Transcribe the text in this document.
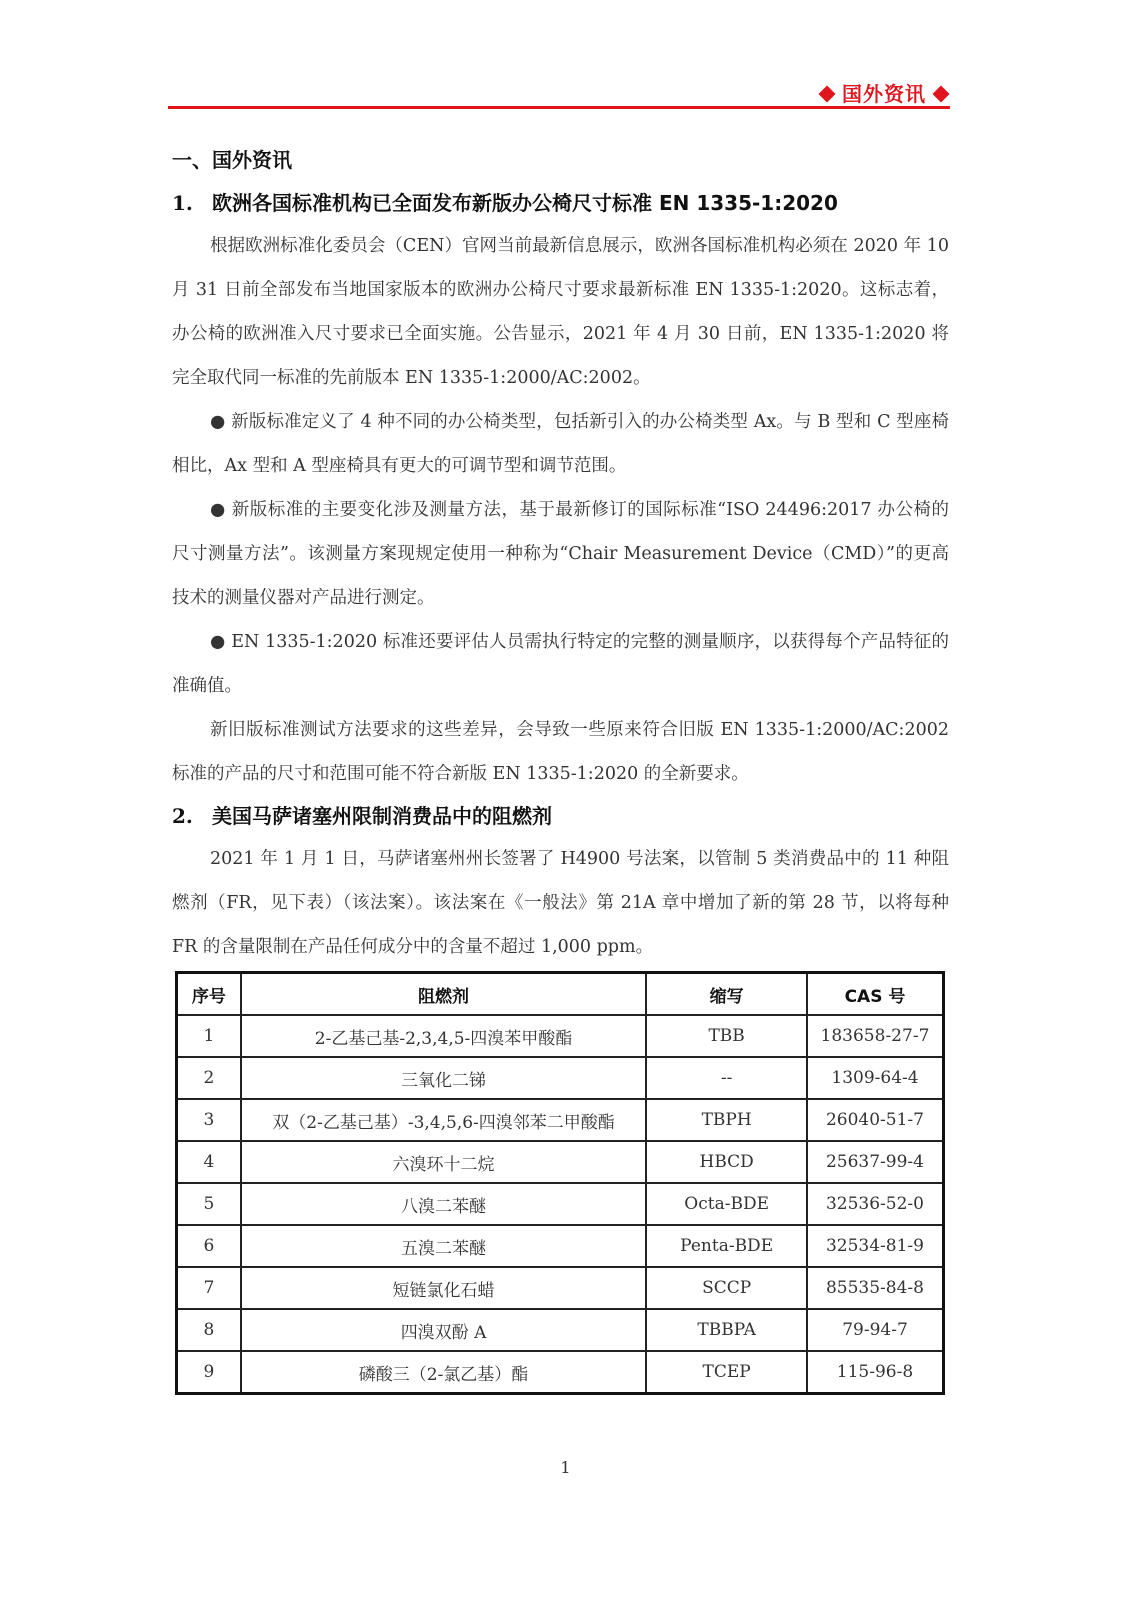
国外资讯
一、国外资讯
1. 欧洲各国标准机构已全面发布新版办公椅尺寸标准 EN 1335-1:2020

根据欧洲标准化委员会（CEN）官网当前最新信息展示，欧洲各国标准机构必须在 2020 年 10 月 31 日前全部发布当地国家版本的欧洲办公椅尺寸要求最新标准 EN 1335-1:2020。这标志着，办公椅的欧洲准入尺寸要求已全面实施。公告显示，2021 年 4 月 30 日前，EN 1335-1:2020 将完全取代同一标准的先前版本 EN 1335-1:2000/AC:2002。

● 新版标准定义了 4 种不同的办公椅类型，包括新引入的办公椅类型 Ax。与 B 型和 C 型座椅相比，Ax 型和 A 型座椅具有更大的可调节型和调节范围。

● 新版标准的主要变化涉及测量方法，基于最新修订的国际标准“ISO 24496:2017 办公椅的尺寸测量方法”。该测量方案现规定使用一种称为“Chair Measurement Device（CMD）”的更高技术的测量仪器对产品进行测定。

● EN 1335-1:2020 标准还要评估人员需执行特定的完整的测量顺序，以获得每个产品特征的准确值。

新旧版标准测试方法要求的这些差异，会导致一些原来符合旧版 EN 1335-1:2000/AC:2002 标准的产品的尺寸和范围可能不符合新版 EN 1335-1:2020 的全新要求。

2. 美国马萨诸塞州限制消费品中的阻燃剂

2021 年 1 月 1 日，马萨诸塞州州长签署了 H4900 号法案，以管制 5 类消费品中的 11 种阻燃剂（FR，见下表）（该法案）。该法案在《一般法》第 21A 章中增加了新的第 28 节，以将每种 FR 的含量限制在产品任何成分中的含量不超过 1,000 ppm。

序号	阻燃剂	缩写	CAS 号
1	2-乙基己基-2,3,4,5-四溴苯甲酸酯	TBB	183658-27-7
2	三氧化二锑	--	1309-64-4
3	双（2-乙基己基）-3,4,5,6-四溴邻苯二甲酸酯	TBPH	26040-51-7
4	六溴环十二烷	HBCD	25637-99-4
5	八溴二苯醚	Octa-BDE	32536-52-0
6	五溴二苯醚	Penta-BDE	32534-81-9
7	短链氯化石蜡	SCCP	85535-84-8
8	四溴双酚 A	TBBPA	79-94-7
9	磷酸三（2-氯乙基）酯	TCEP	115-96-8
1
